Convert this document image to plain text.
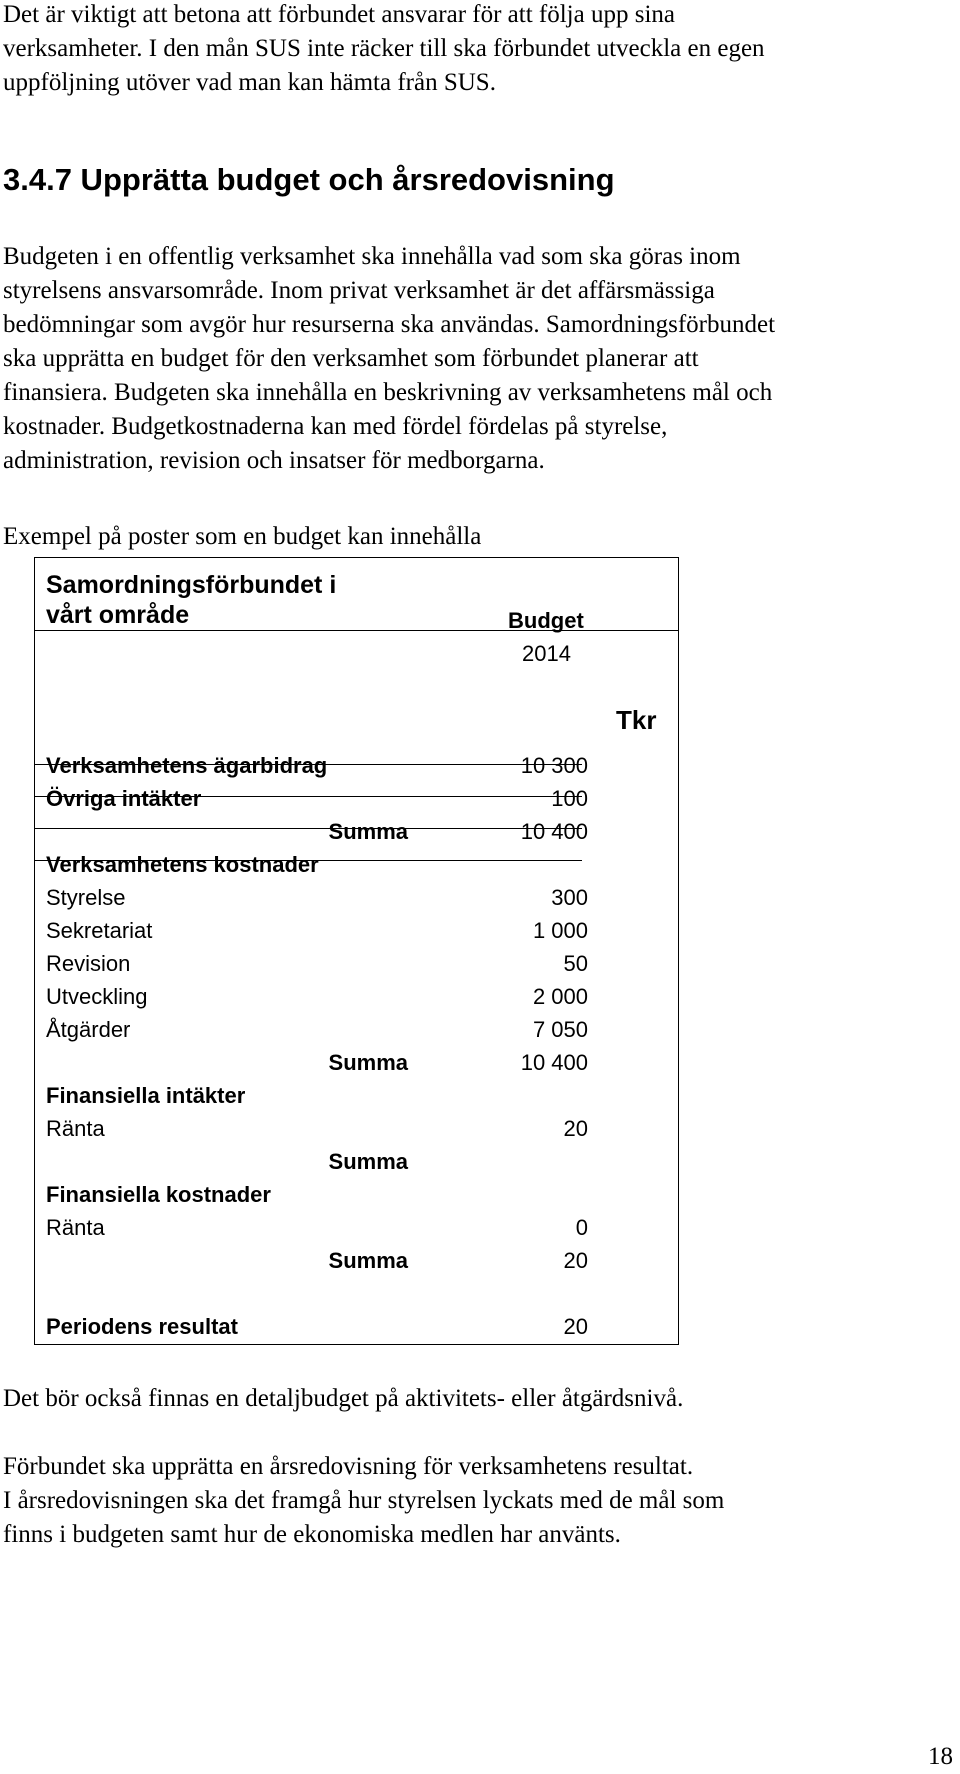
Det är viktigt att betona att förbundet ansvarar för att följa upp sina

verksamheter. I den mån SUS inte räcker till ska förbundet utveckla en egen

uppföljning utöver vad man kan hämta från SUS.

3.4.7 Upprätta budget och årsredovisning

Budgeten i en offentlig verksamhet ska innehålla vad som ska göras inom

styrelsens ansvarsområde. Inom privat verksamhet är det affärsmässiga

bedömningar som avgör hur resurserna ska användas. Samordningsförbundet

ska upprätta en budget för den verksamhet som förbundet planerar att

finansiera. Budgeten ska innehålla en beskrivning av verksamhetens mål och

kostnader. Budgetkostnaderna kan med fördel fördelas på styrelse,

administration, revision och insatser för medborgarna.

Exempel på poster som en budget kan innehålla
Samordningsförbundet i
vårt område	Budget
2014
Tkr
Verksamhetens ägarbidrag	10 300
Övriga intäkter	100
Summa	10 400
Verksamhetens kostnader
Styrelse	300
Sekretariat	1 000
Revision	50
Utveckling	2 000
Åtgärder	7 050
Summa	10 400
Finansiella intäkter
Ränta	20
Summa
Finansiella kostnader
Ränta	0
Summa	20
Periodens resultat	20
Det bör också finnas en detaljbudget på aktivitets- eller åtgärdsnivå.

Förbundet ska upprätta en årsredovisning för verksamhetens resultat.

I årsredovisningen ska det framgå hur styrelsen lyckats med de mål som

finns i budgeten samt hur de ekonomiska medlen har använts.

18
